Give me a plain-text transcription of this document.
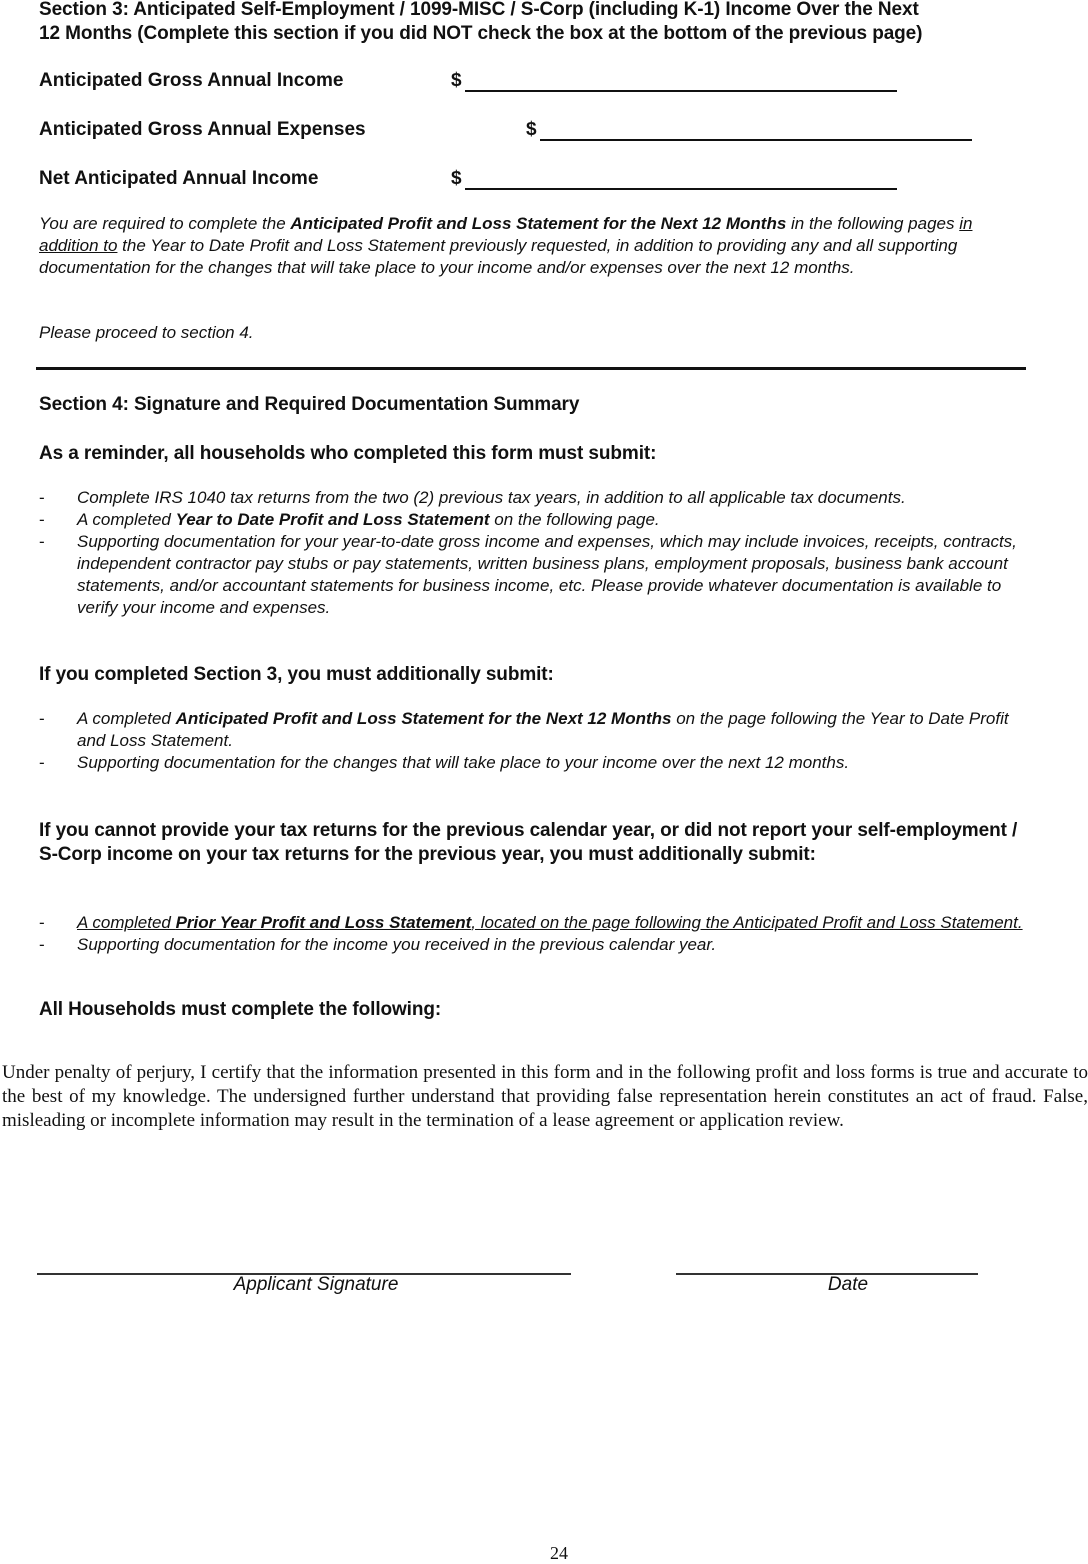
Section 3: Anticipated Self-Employment / 1099-MISC / S-Corp (including K-1) Income Over the Next
12 Months (Complete this section if you did NOT check the box at the bottom of the previous page)
Anticipated Gross Annual Income	$
Anticipated Gross Annual Expenses	$
Net Anticipated Annual Income	$
You are required to complete the Anticipated Profit and Loss Statement for the Next 12 Months in the following pages in addition to the Year to Date Profit and Loss Statement previously requested, in addition to providing any and all supporting documentation for the changes that will take place to your income and/or expenses over the next 12 months.
Please proceed to section 4.
Section 4: Signature and Required Documentation Summary
As a reminder, all households who completed this form must submit:
- Complete IRS 1040 tax returns from the two (2) previous tax years, in addition to all applicable tax documents.
- A completed Year to Date Profit and Loss Statement on the following page.
- Supporting documentation for your year-to-date gross income and expenses, which may include invoices, receipts, contracts, independent contractor pay stubs or pay statements, written business plans, employment proposals, business bank account statements, and/or accountant statements for business income, etc. Please provide whatever documentation is available to verify your income and expenses.
If you completed Section 3, you must additionally submit:
- A completed Anticipated Profit and Loss Statement for the Next 12 Months on the page following the Year to Date Profit and Loss Statement.
- Supporting documentation for the changes that will take place to your income over the next 12 months.
If you cannot provide your tax returns for the previous calendar year, or did not report your self-employment / S-Corp income on your tax returns for the previous year, you must additionally submit:
- A completed Prior Year Profit and Loss Statement, located on the page following the Anticipated Profit and Loss Statement.
- Supporting documentation for the income you received in the previous calendar year.
All Households must complete the following:
Under penalty of perjury, I certify that the information presented in this form and in the following profit and loss forms is true and accurate to the best of my knowledge. The undersigned further understand that providing false representation herein constitutes an act of fraud. False, misleading or incomplete information may result in the termination of a lease agreement or application review.
Applicant Signature	Date
24
